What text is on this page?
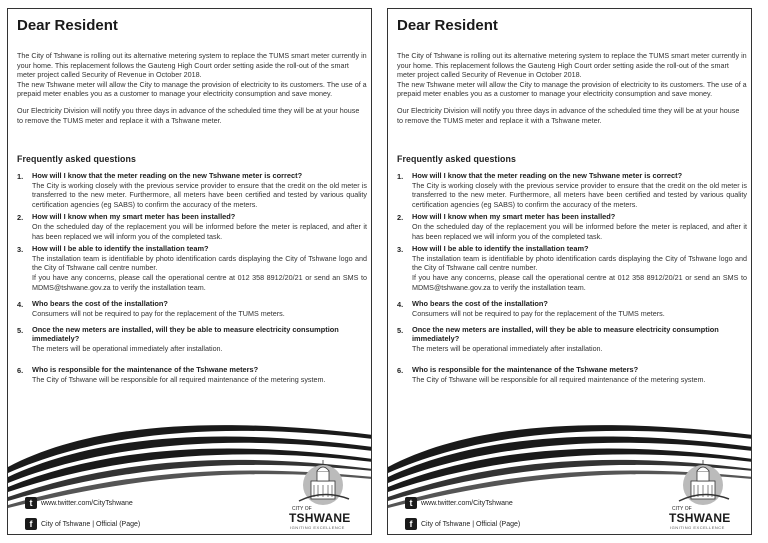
Dear Resident

The City of Tshwane is rolling out its alternative metering system to replace the TUMS smart meter currently in your home. This replacement follows the Gauteng High Court order setting aside the roll-out of the smart meter project called Security of Revenue in October 2018.
The new Tshwane meter will allow the City to manage the provision of electricity to its customers. The use of a prepaid meter enables you as a customer to manage your electricity consumption and save money.

Our Electricity Division will notify you three days in advance of the scheduled time they will be at your house to remove the TUMS meter and replace it with a Tshwane meter.

Frequently asked questions
1. How will I know that the meter reading on the new Tshwane meter is correct?
The City is working closely with the previous service provider to ensure that the credit on the old meter is transferred to the new meter. Furthermore, all meters have been certified and tested by various quality certification agencies (eg SABS) to confirm the accuracy of the meters.
2. How will I know when my smart meter has been installed?
On the scheduled day of the replacement you will be informed before the meter is replaced, and after it has been replaced we will inform you of the completed task.
3. How will I be able to identify the installation team?
The installation team is identifiable by photo identification cards displaying the City of Tshwane logo and the City of Tshwane call centre number.
If you have any concerns, please call the operational centre at 012 358 8912/20/21 or send an SMS to MDMS@tshwane.gov.za to verify the installation team.
4. Who bears the cost of the installation?
Consumers will not be required to pay for the replacement of the TUMS meters.
5. Once the new meters are installed, will they be able to measure electricity consumption immediately?
The meters will be operational immediately after installation.
6. Who is responsible for the maintenance of the Tshwane meters?
The City of Tshwane will be responsible for all required maintenance of the metering system.
t	www.twitter.com/CityTshwane
f	City of Tshwane | Official (Page)
CITY OF
TSHWANE
IGNITING EXCELLENCE
Dear Resident

The City of Tshwane is rolling out its alternative metering system to replace the TUMS smart meter currently in your home. This replacement follows the Gauteng High Court order setting aside the roll-out of the smart meter project called Security of Revenue in October 2018.
The new Tshwane meter will allow the City to manage the provision of electricity to its customers. The use of a prepaid meter enables you as a customer to manage your electricity consumption and save money.

Our Electricity Division will notify you three days in advance of the scheduled time they will be at your house to remove the TUMS meter and replace it with a Tshwane meter.

Frequently asked questions
1. How will I know that the meter reading on the new Tshwane meter is correct?
The City is working closely with the previous service provider to ensure that the credit on the old meter is transferred to the new meter. Furthermore, all meters have been certified and tested by various quality certification agencies (eg SABS) to confirm the accuracy of the meters.
2. How will I know when my smart meter has been installed?
On the scheduled day of the replacement you will be informed before the meter is replaced, and after it has been replaced we will inform you of the completed task.
3. How will I be able to identify the installation team?
The installation team is identifiable by photo identification cards displaying the City of Tshwane logo and the City of Tshwane call centre number.
If you have any concerns, please call the operational centre at 012 358 8912/20/21 or send an SMS to MDMS@tshwane.gov.za to verify the installation team.
4. Who bears the cost of the installation?
Consumers will not be required to pay for the replacement of the TUMS meters.
5. Once the new meters are installed, will they be able to measure electricity consumption immediately?
The meters will be operational immediately after installation.
6. Who is responsible for the maintenance of the Tshwane meters?
The City of Tshwane will be responsible for all required maintenance of the metering system.
t	www.twitter.com/CityTshwane
f	City of Tshwane | Official (Page)
CITY OF
TSHWANE
IGNITING EXCELLENCE
